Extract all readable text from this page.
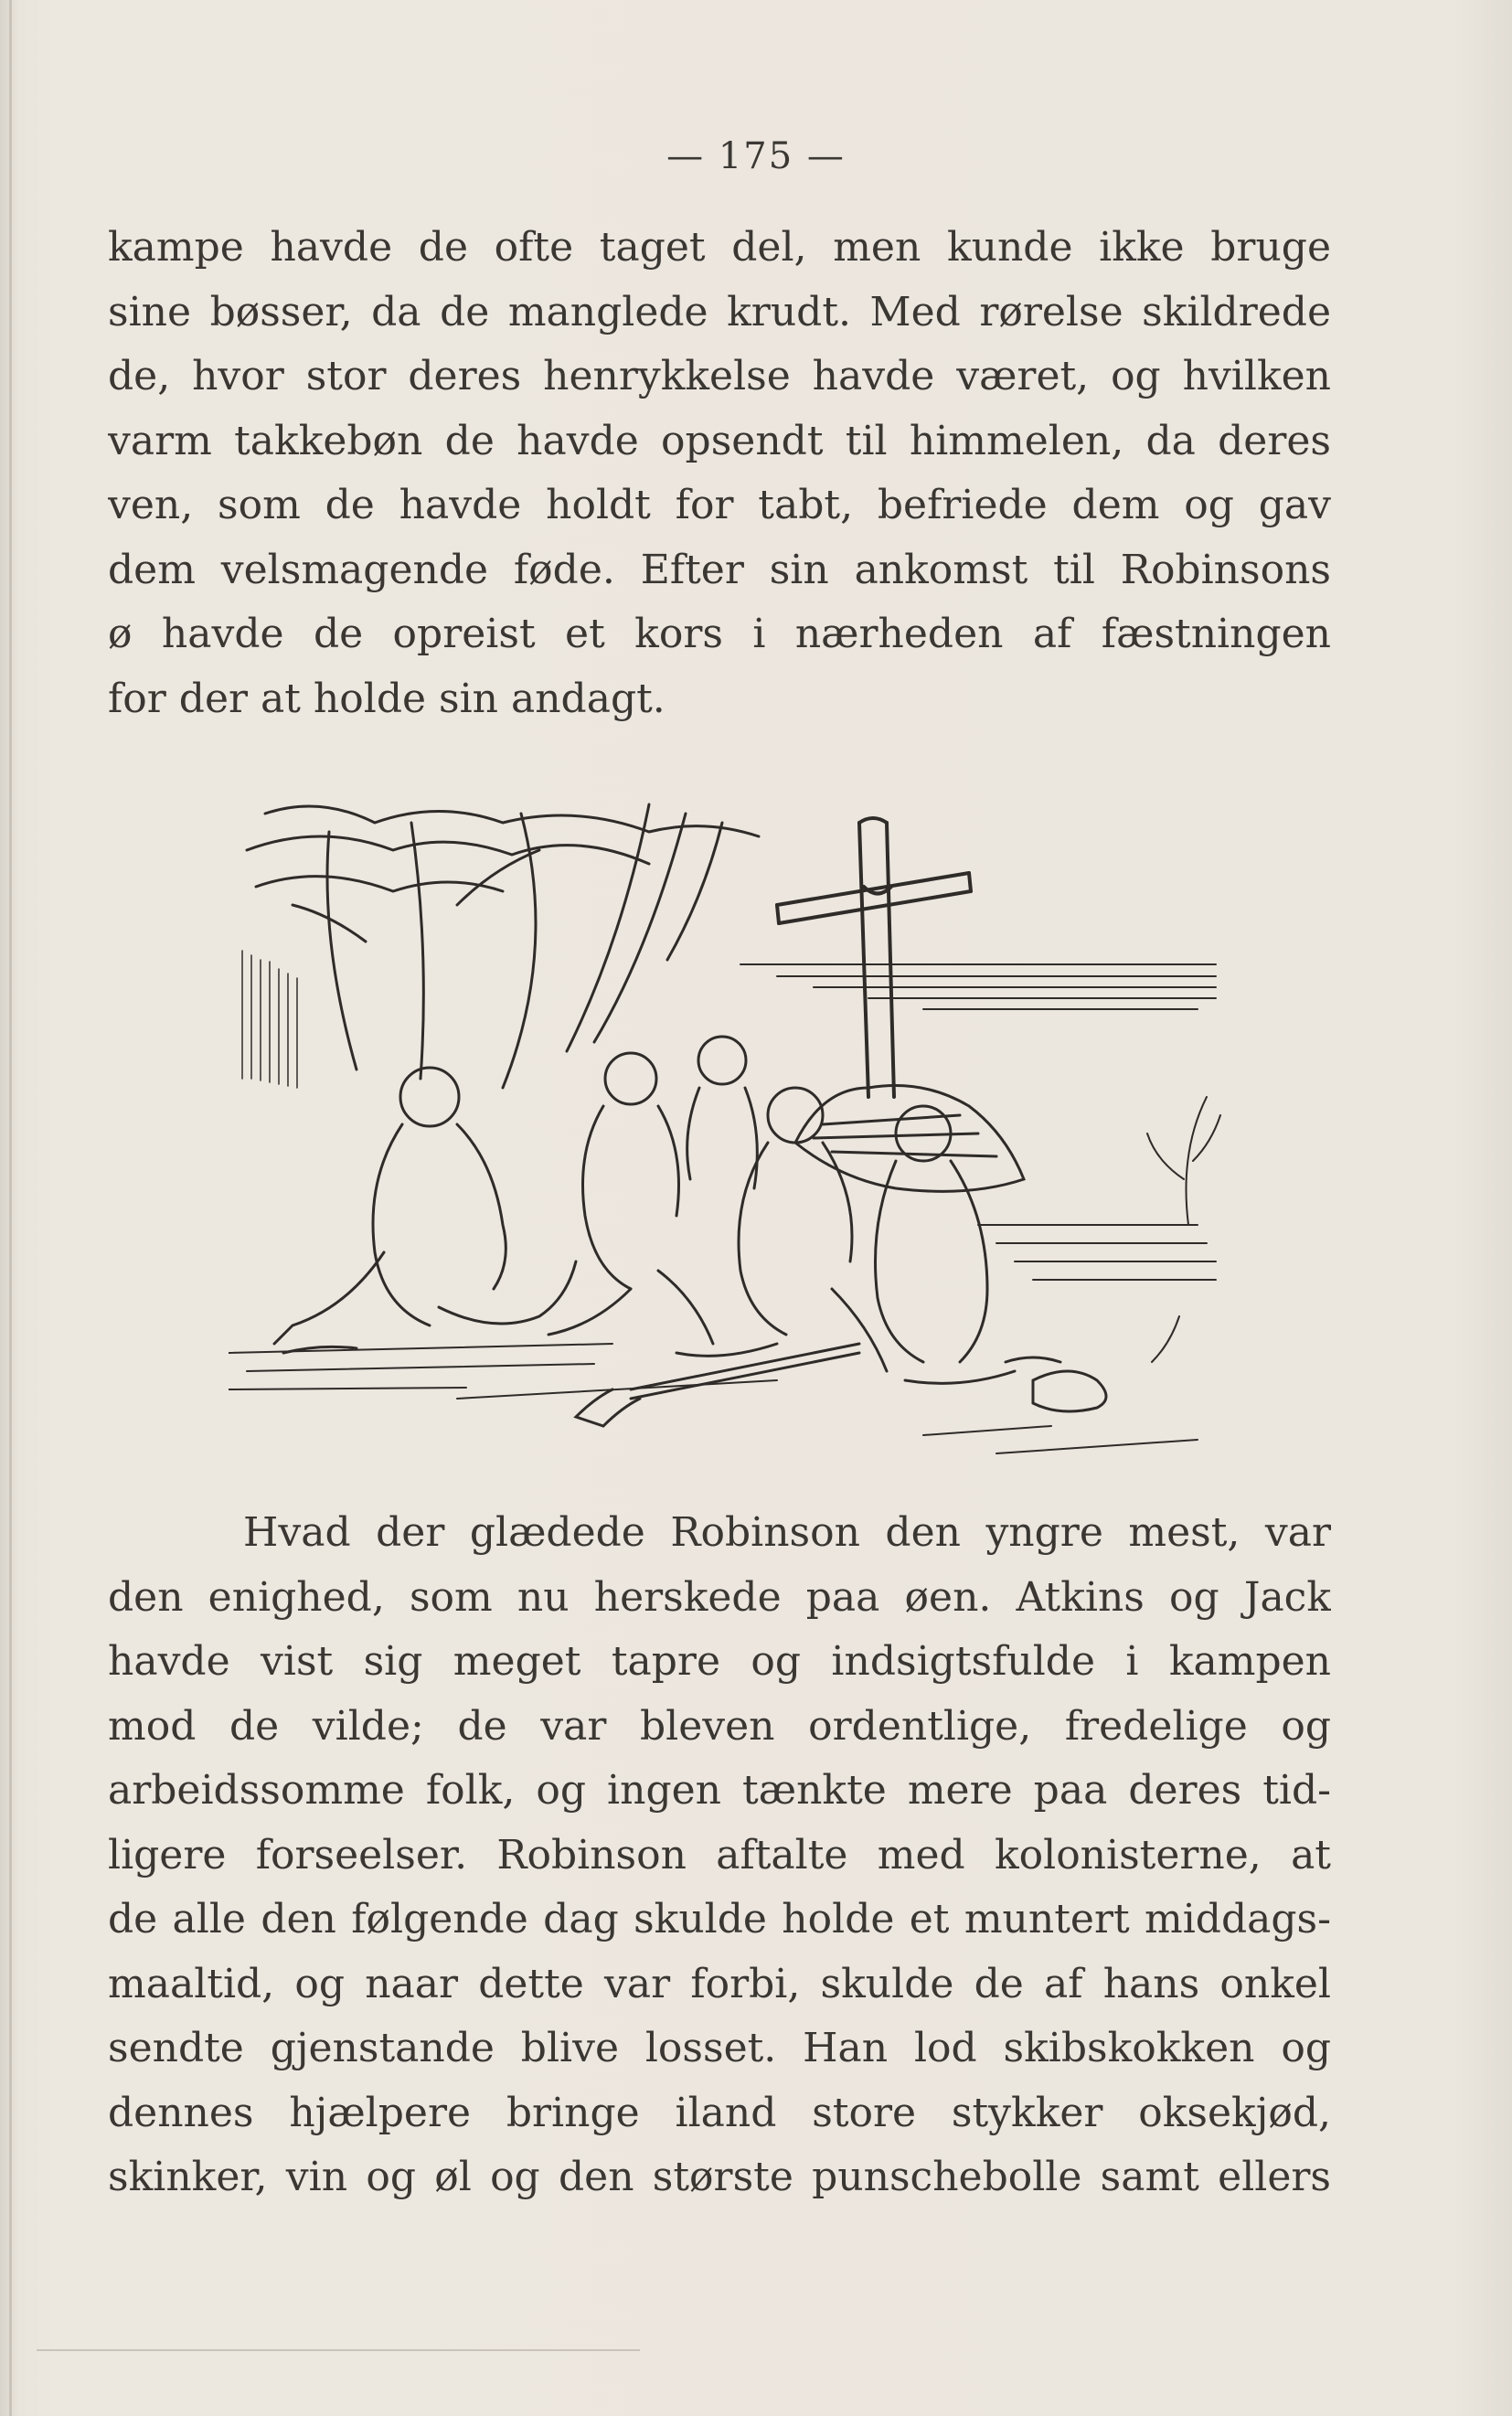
— 175 —
kampe havde de ofte taget del, men kunde ikke bruge
sine bøsser, da de manglede krudt. Med rørelse skildrede
de, hvor stor deres henrykkelse havde været, og hvilken
varm takkebøn de havde opsendt til himmelen, da deres
ven, som de havde holdt for tabt, befriede dem og gav
dem velsmagende føde. Efter sin ankomst til Robinsons
ø havde de opreist et kors i nærheden af fæstningen
for der at holde sin andagt.
Hvad der glædede Robinson den yngre mest, var
den enighed, som nu herskede paa øen. Atkins og Jack
havde vist sig meget tapre og indsigtsfulde i kampen
mod de vilde; de var bleven ordentlige, fredelige og
arbeidssomme folk, og ingen tænkte mere paa deres tid-
ligere forseelser. Robinson aftalte med kolonisterne, at
de alle den følgende dag skulde holde et muntert middags-
maaltid, og naar dette var forbi, skulde de af hans onkel
sendte gjenstande blive losset. Han lod skibskokken og
dennes hjælpere bringe iland store stykker oksekjød,
skinker, vin og øl og den største punschebolle samt ellers
